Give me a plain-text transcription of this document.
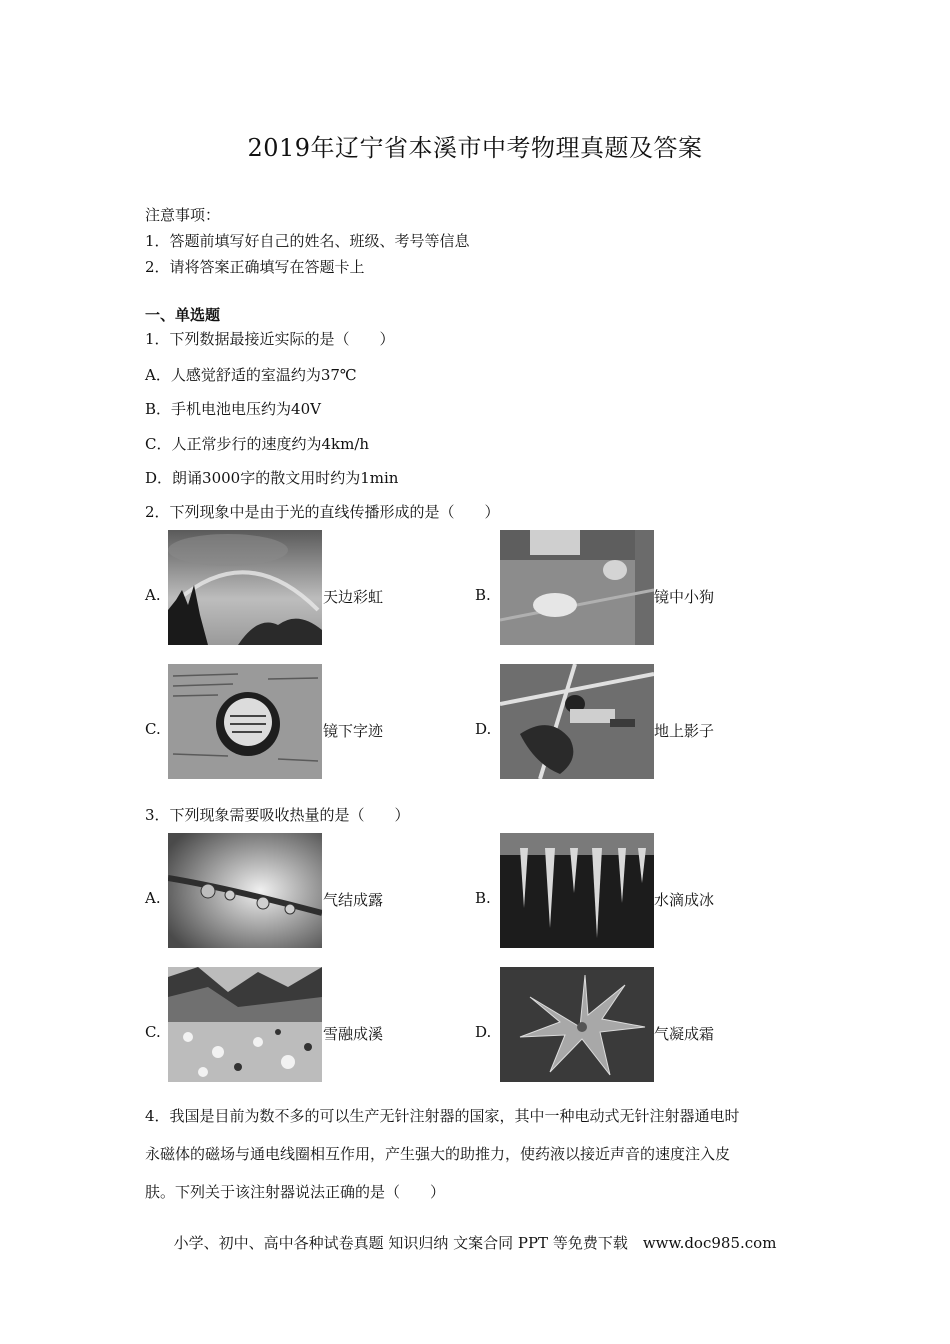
2019年辽宁省本溪市中考物理真题及答案
注意事项：
1．答题前填写好自己的姓名、班级、考号等信息
2．请将答案正确填写在答题卡上
一、单选题
1．下列数据最接近实际的是（　　）
A．人感觉舒适的室温约为37℃
B．手机电池电压约为40V
C．人正常步行的速度约为4km/h
D．朗诵3000字的散文用时约为1min
2．下列现象中是由于光的直线传播形成的是（　　）
A.	天边彩虹	B.	镜中小狗
C.	镜下字迹	D.	地上影子
3．下列现象需要吸收热量的是（　　）
A.	气结成露	B.	水滴成冰
C.	雪融成溪	D.	气凝成霜
4．我国是目前为数不多的可以生产无针注射器的国家，其中一种电动式无针注射器通电时
永磁体的磁场与通电线圈相互作用，产生强大的助推力，使药液以接近声音的速度注入皮
肤。下列关于该注射器说法正确的是（　　）
小学、初中、高中各种试卷真题 知识归纳 文案合同 PPT 等免费下载　www.doc985.com
